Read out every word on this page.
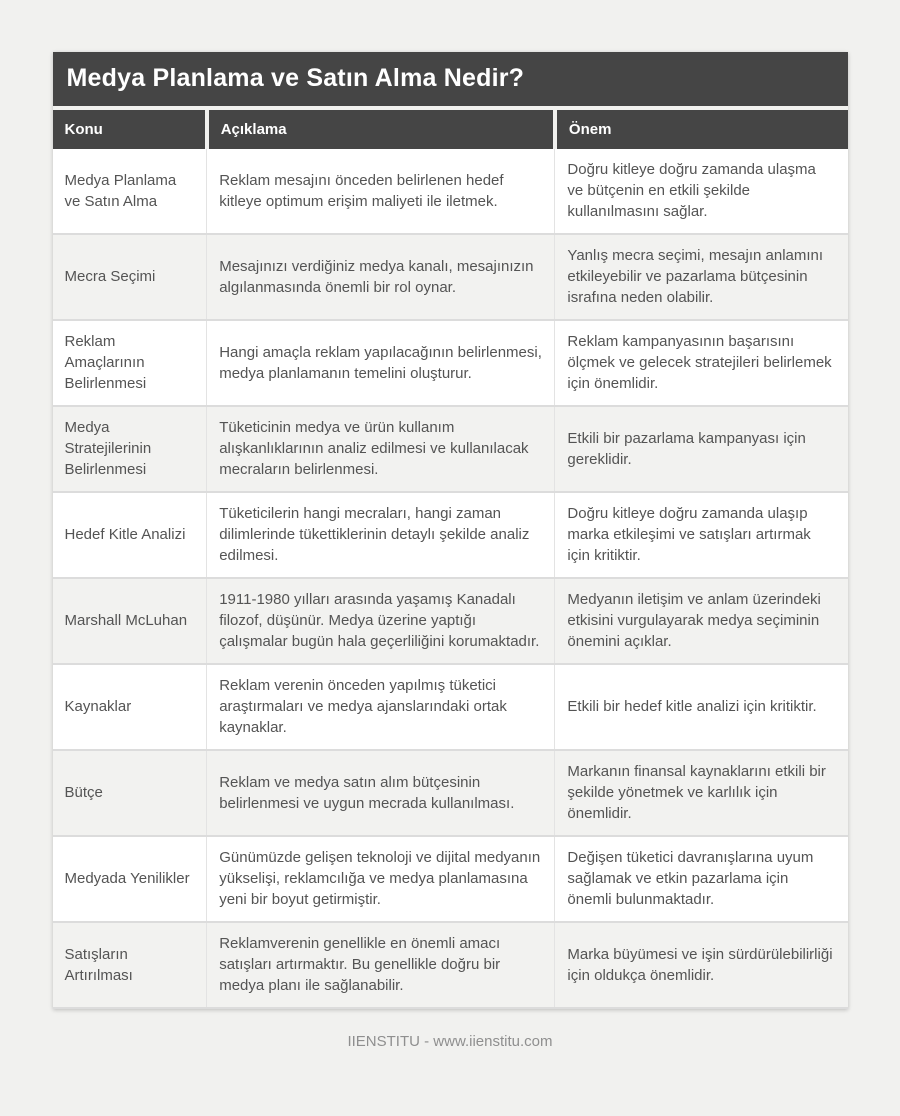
Medya Planlama ve Satın Alma Nedir?
Konu	Açıklama	Önem
Medya Planlama ve Satın Alma	Reklam mesajını önceden belirlenen hedef kitleye optimum erişim maliyeti ile iletmek.	Doğru kitleye doğru zamanda ulaşma ve bütçenin en etkili şekilde kullanılmasını sağlar.
Mecra Seçimi	Mesajınızı verdiğiniz medya kanalı, mesajınızın algılanmasında önemli bir rol oynar.	Yanlış mecra seçimi, mesajın anlamını etkileyebilir ve pazarlama bütçesinin israfına neden olabilir.
Reklam Amaçlarının Belirlenmesi	Hangi amaçla reklam yapılacağının belirlenmesi, medya planlamanın temelini oluşturur.	Reklam kampanyasının başarısını ölçmek ve gelecek stratejileri belirlemek için önemlidir.
Medya Stratejilerinin Belirlenmesi	Tüketicinin medya ve ürün kullanım alışkanlıklarının analiz edilmesi ve kullanılacak mecraların belirlenmesi.	Etkili bir pazarlama kampanyası için gereklidir.
Hedef Kitle Analizi	Tüketicilerin hangi mecraları, hangi zaman dilimlerinde tükettiklerinin detaylı şekilde analiz edilmesi.	Doğru kitleye doğru zamanda ulaşıp marka etkileşimi ve satışları artırmak için kritiktir.
Marshall McLuhan	1911-1980 yılları arasında yaşamış Kanadalı filozof, düşünür. Medya üzerine yaptığı çalışmalar bugün hala geçerliliğini korumaktadır.	Medyanın iletişim ve anlam üzerindeki etkisini vurgulayarak medya seçiminin önemini açıklar.
Kaynaklar	Reklam verenin önceden yapılmış tüketici araştırmaları ve medya ajanslarındaki ortak kaynaklar.	Etkili bir hedef kitle analizi için kritiktir.
Bütçe	Reklam ve medya satın alım bütçesinin belirlenmesi ve uygun mecrada kullanılması.	Markanın finansal kaynaklarını etkili bir şekilde yönetmek ve karlılık için önemlidir.
Medyada Yenilikler	Günümüzde gelişen teknoloji ve dijital medyanın yükselişi, reklamcılığa ve medya planlamasına yeni bir boyut getirmiştir.	Değişen tüketici davranışlarına uyum sağlamak ve etkin pazarlama için önemli bulunmaktadır.
Satışların Artırılması	Reklamverenin genellikle en önemli amacı satışları artırmaktır. Bu genellikle doğru bir medya planı ile sağlanabilir.	Marka büyümesi ve işin sürdürülebilirliği için oldukça önemlidir.
IIENSTITU - www.iienstitu.com
